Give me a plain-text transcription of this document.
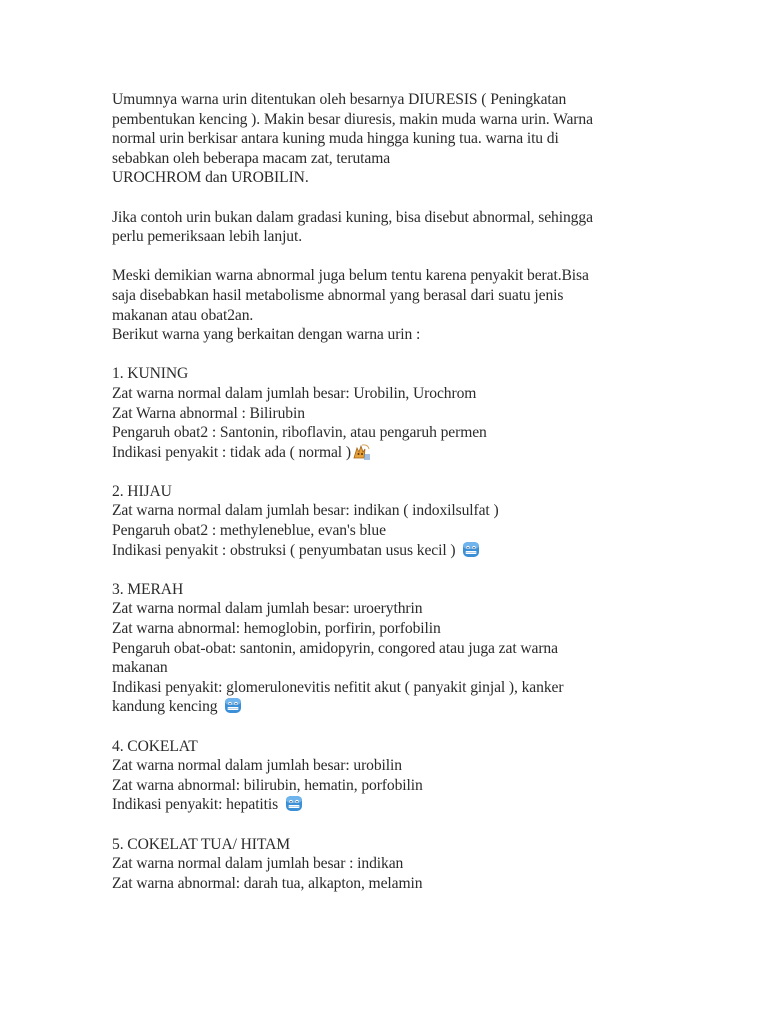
Umumnya warna urin ditentukan oleh besarnya DIURESIS ( Peningkatan
pembentukan kencing ). Makin besar diuresis, makin muda warna urin. Warna
normal urin berkisar antara kuning muda hingga kuning tua. warna itu di
sebabkan oleh beberapa macam zat, terutama
UROCHROM dan UROBILIN.
Jika contoh urin bukan dalam gradasi kuning, bisa disebut abnormal, sehingga
perlu pemeriksaan lebih lanjut.
Meski demikian warna abnormal juga belum tentu karena penyakit berat.Bisa
saja disebabkan hasil metabolisme abnormal yang berasal dari suatu jenis
makanan atau obat2an.
Berikut warna yang berkaitan dengan warna urin :
1. KUNING
Zat warna normal dalam jumlah besar: Urobilin, Urochrom
Zat Warna abnormal : Bilirubin
Pengaruh obat2 : Santonin, riboflavin, atau pengaruh permen
Indikasi penyakit : tidak ada ( normal )
2. HIJAU
Zat warna normal dalam jumlah besar: indikan ( indoxilsulfat )
Pengaruh obat2 : methyleneblue, evan's blue
Indikasi penyakit : obstruksi ( penyumbatan usus kecil )
3. MERAH
Zat warna normal dalam jumlah besar: uroerythrin
Zat warna abnormal: hemoglobin, porfirin, porfobilin
Pengaruh obat-obat: santonin, amidopyrin, congored atau juga zat warna
makanan
Indikasi penyakit: glomerulonevitis nefitit akut ( panyakit ginjal ), kanker
kandung kencing
4. COKELAT
Zat warna normal dalam jumlah besar: urobilin
Zat warna abnormal: bilirubin, hematin, porfobilin
Indikasi penyakit: hepatitis
5. COKELAT TUA/ HITAM
Zat warna normal dalam jumlah besar : indikan
Zat warna abnormal: darah tua, alkapton, melamin
